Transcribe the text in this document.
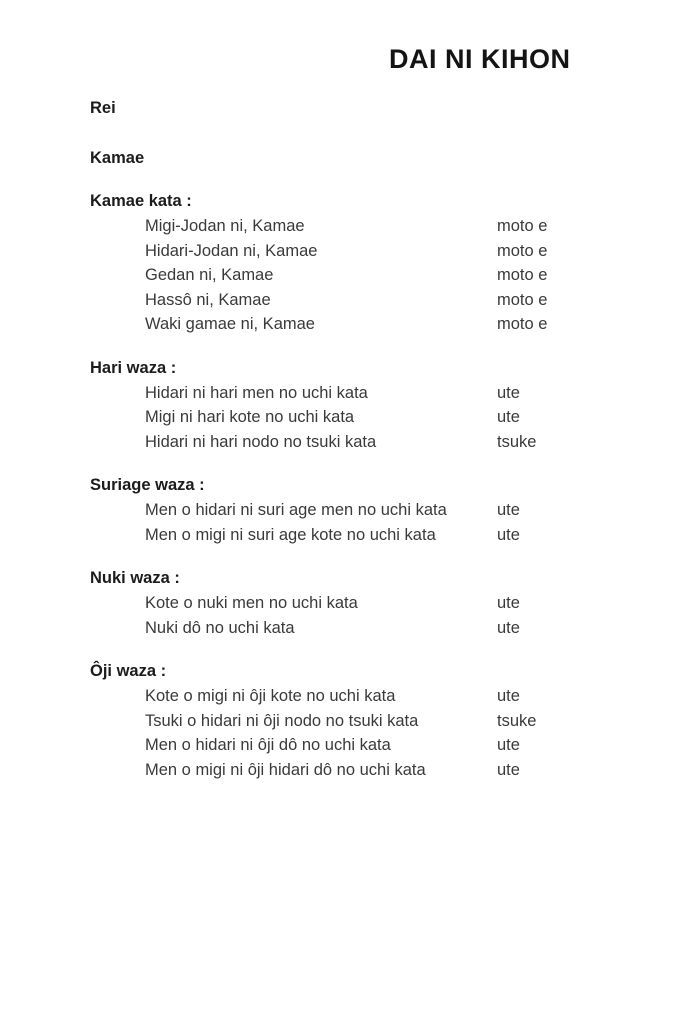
DAI NI KIHON
Rei
Kamae
Kamae kata :
Migi-Jodan ni, Kamae	moto e
Hidari-Jodan ni, Kamae	moto e
Gedan ni, Kamae	moto e
Hassô ni, Kamae	moto e
Waki gamae ni, Kamae	moto e
Hari waza :
Hidari ni hari men no uchi kata	ute
Migi ni hari kote no uchi kata	ute
Hidari ni hari nodo no tsuki kata	tsuke
Suriage waza :
Men o hidari ni suri age men no uchi kata	ute
Men o migi ni suri age kote no uchi kata	ute
Nuki waza :
Kote o nuki men no uchi kata	ute
Nuki dô no uchi kata	ute
Ôji waza :
Kote o migi ni ôji kote no uchi kata	ute
Tsuki o hidari ni ôji nodo no tsuki kata	tsuke
Men o hidari ni ôji dô no uchi kata	ute
Men o migi ni ôji hidari dô no uchi kata	ute
